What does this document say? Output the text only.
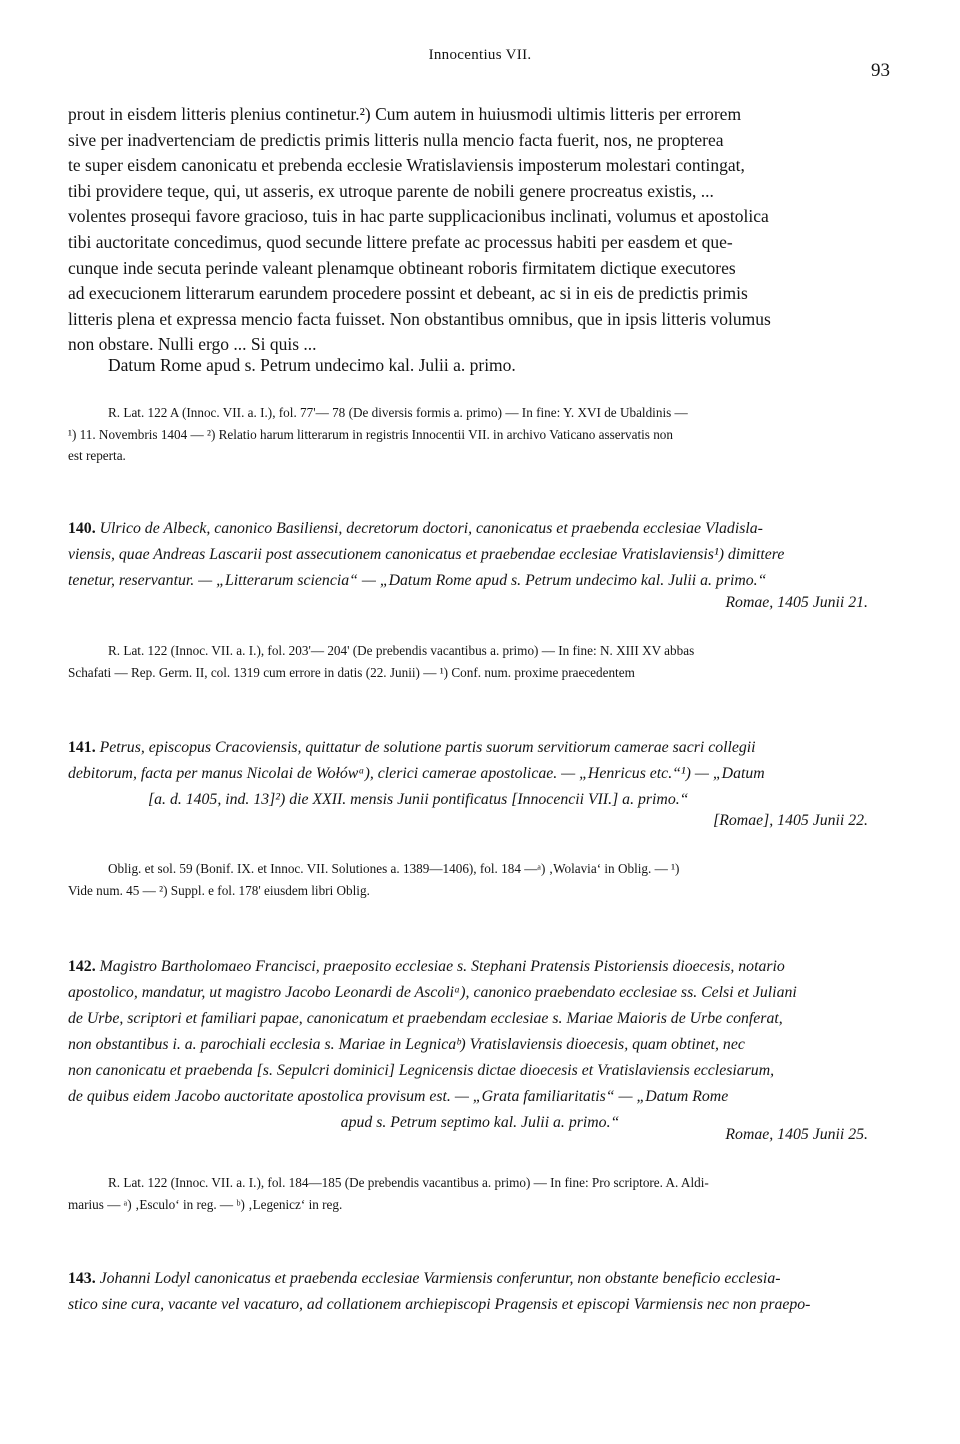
Innocentius VII.
93
prout in eisdem litteris plenius continetur.²) Cum autem in huiusmodi ultimis litteris per errorem
sive per inadvertenciam de predictis primis litteris nulla mencio facta fuerit, nos, ne propterea
te super eisdem canonicatu et prebenda ecclesie Wratislaviensis imposterum molestari contingat,
tibi providere teque, qui, ut asseris, ex utroque parente de nobili genere procreatus existis, ...
volentes prosequi favore gracioso, tuis in hac parte supplicacionibus inclinati, volumus et apostolica
tibi auctoritate concedimus, quod secunde littere prefate ac processus habiti per easdem et que-
cunque inde secuta perinde valeant plenamque obtineant roboris firmitatem dictique executores
ad execucionem litterarum earundem procedere possint et debeant, ac si in eis de predictis primis
litteris plena et expressa mencio facta fuisset. Non obstantibus omnibus, que in ipsis litteris volumus
non obstare. Nulli ergo ... Si quis ...
Datum Rome apud s. Petrum undecimo kal. Julii a. primo.
R. Lat. 122 A (Innoc. VII. a. I.), fol. 77'— 78 (De diversis formis a. primo) — In fine: Y. XVI de Ubaldinis —
¹) 11. Novembris 1404 — ²) Relatio harum litterarum in registris Innocentii VII. in archivo Vaticano asservatis non
est reperta.
140. Ulrico de Albeck, canonico Basiliensi, decretorum doctori, canonicatus et praebenda ecclesiae Vladisla-
viensis, quae Andreas Lascarii post assecutionem canonicatus et praebendae ecclesiae Vratislaviensis¹) dimittere
tenetur, reservantur. — „Litterarum sciencia“ — „Datum Rome apud s. Petrum undecimo kal. Julii a. primo.“
Romae, 1405 Junii 21.
R. Lat. 122 (Innoc. VII. a. I.), fol. 203'— 204' (De prebendis vacantibus a. primo) — In fine: N. XIII XV abbas
Schafati — Rep. Germ. II, col. 1319 cum errore in datis (22. Junii) — ¹) Conf. num. proxime praecedentem
141. Petrus, episcopus Cracoviensis, quittatur de solutione partis suorum servitiorum camerae sacri collegii
debitorum, facta per manus Nicolai de Wołówᵃ), clerici camerae apostolicae. — „Henricus etc.“¹) — „Datum
[a. d. 1405, ind. 13]²) die XXII. mensis Junii pontificatus [Innocencii VII.] a. primo.“
[Romae], 1405 Junii 22.
Oblig. et sol. 59 (Bonif. IX. et Innoc. VII. Solutiones a. 1389—1406), fol. 184 —ᵃ) ‚Wolavia‘ in Oblig. — ¹)
Vide num. 45 — ²) Suppl. e fol. 178' eiusdem libri Oblig.
142. Magistro Bartholomaeo Francisci, praeposito ecclesiae s. Stephani Pratensis Pistoriensis dioecesis, notario
apostolico, mandatur, ut magistro Jacobo Leonardi de Ascoliᵃ), canonico praebendato ecclesiae ss. Celsi et Juliani
de Urbe, scriptori et familiari papae, canonicatum et praebendam ecclesiae s. Mariae Maioris de Urbe conferat,
non obstantibus i. a. parochiali ecclesia s. Mariae in Legnicaᵇ) Vratislaviensis dioecesis, quam obtinet, nec
non canonicatu et praebenda [s. Sepulcri dominici] Legnicensis dictae dioecesis et Vratislaviensis ecclesiarum,
de quibus eidem Jacobo auctoritate apostolica provisum est. — „Grata familiaritatis“ — „Datum Rome
apud s. Petrum septimo kal. Julii a. primo.“
Romae, 1405 Junii 25.
R. Lat. 122 (Innoc. VII. a. I.), fol. 184—185 (De prebendis vacantibus a. primo) — In fine: Pro scriptore. A. Aldi-
marius — ᵃ) ‚Esculo‘ in reg. — ᵇ) ‚Legenicz‘ in reg.
143. Johanni Lodyl canonicatus et praebenda ecclesiae Varmiensis conferuntur, non obstante beneficio ecclesia-
stico sine cura, vacante vel vacaturo, ad collationem archiepiscopi Pragensis et episcopi Varmiensis nec non praepo-
